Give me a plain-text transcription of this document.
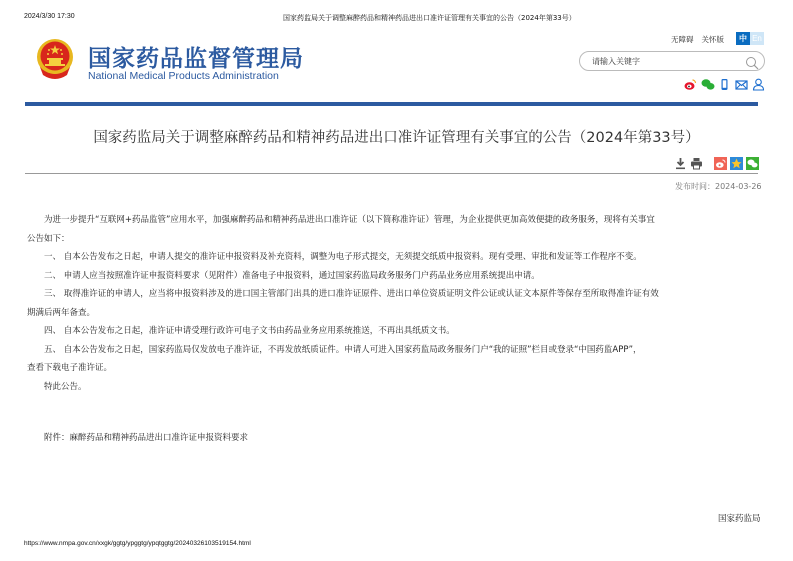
2024/3/30 17:30	国家药监局关于调整麻醉药品和精神药品进出口准许证管理有关事宜的公告（2024年第33号）
国家药品监督管理局
National Medical Products Administration
无障碍 关怀版	中 En
请输入关键字
国家药监局关于调整麻醉药品和精神药品进出口准许证管理有关事宜的公告（2024年第33号）
发布时间：2024-03-26
为进一步提升“互联网+药品监管”应用水平，加强麻醉药品和精神药品进出口准许证（以下简称准许证）管理，为企业提供更加高效便捷的政务服务，现将有关事宜
公告如下：
一、 自本公告发布之日起，申请人提交的准许证申报资料及补充资料，调整为电子形式提交，无须提交纸质申报资料。现有受理、审批和发证等工作程序不变。
二、 申请人应当按照准许证申报资料要求（见附件）准备电子申报资料，通过国家药监局政务服务门户药品业务应用系统提出申请。
三、 取得准许证的申请人，应当将申报资料涉及的进口国主管部门出具的进口准许证原件、进出口单位资质证明文件公证或认证文本原件等保存至所取得准许证有效
期满后两年备查。
四、 自本公告发布之日起，准许证申请受理行政许可电子文书由药品业务应用系统推送，不再出具纸质文书。
五、 自本公告发布之日起，国家药监局仅发放电子准许证，不再发放纸质证件。申请人可进入国家药监局政务服务门户“我的证照”栏目或登录“中国药监APP”，
查看下载电子准许证。
特此公告。
附件：麻醉药品和精神药品进出口准许证申报资料要求
国家药监局
https://www.nmpa.gov.cn/xxgk/ggtg/ypggtg/ypqtggtg/20240326103519154.html
